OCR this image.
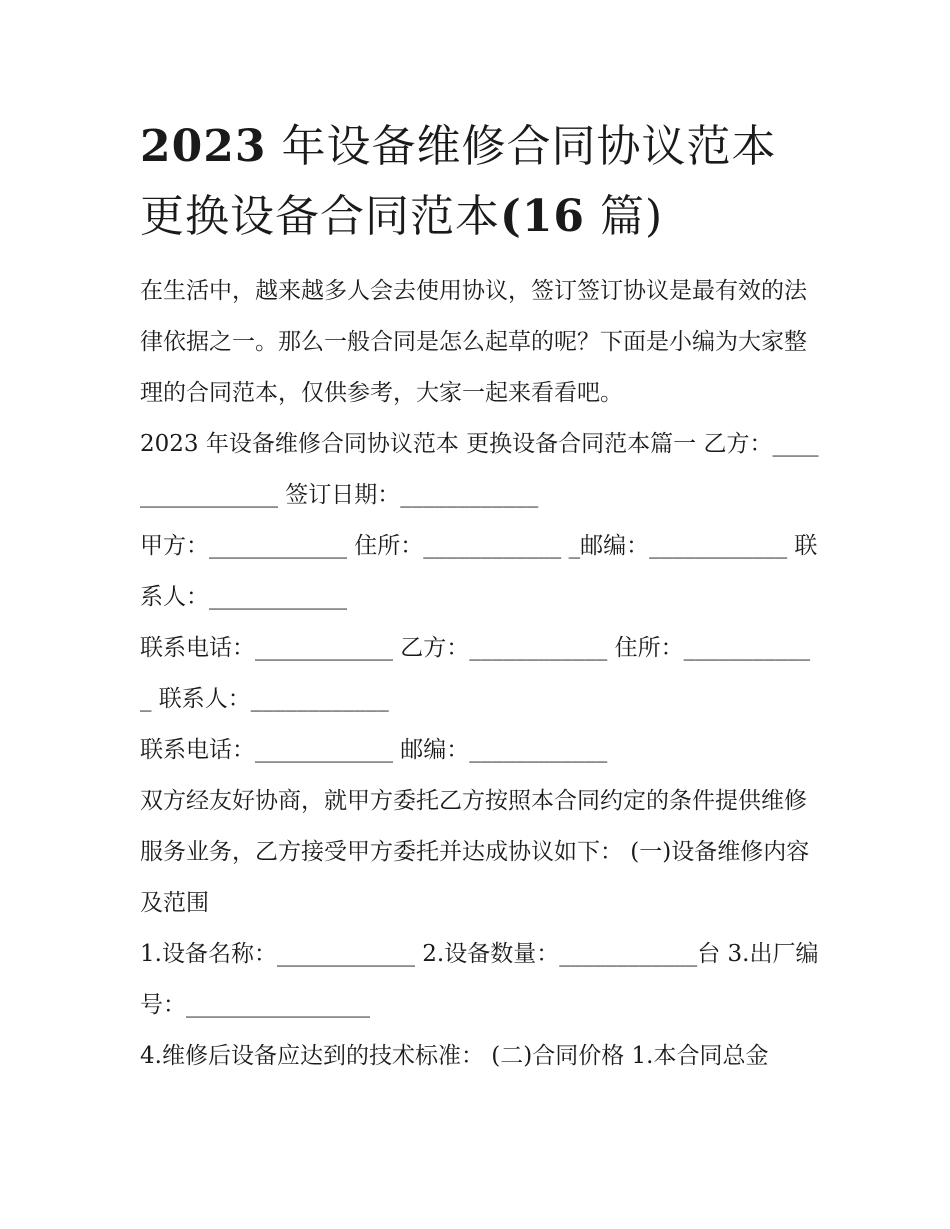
2023 年设备维修合同协议范本
更换设备合同范本(16 篇)

在生活中，越来越多人会去使用协议，签订签订协议是最有效的法律依据之一。那么一般合同是怎么起草的呢？下面是小编为大家整理的合同范本，仅供参考，大家一起来看看吧。

2023 年设备维修合同协议范本 更换设备合同范本篇一 乙方：________________ 签订日期：____________

甲方：____________ 住所：____________ _邮编：____________ 联系人：____________

联系电话：____________ 乙方：____________ 住所：____________ 联系人：____________

联系电话：____________ 邮编：____________

双方经友好协商，就甲方委托乙方按照本合同约定的条件提供维修服务业务，乙方接受甲方委托并达成协议如下： (一)设备维修内容及范围

1.设备名称：____________ 2.设备数量：____________台 3.出厂编号：________________

4.维修后设备应达到的技术标准： (二)合同价格 1.本合同总金
